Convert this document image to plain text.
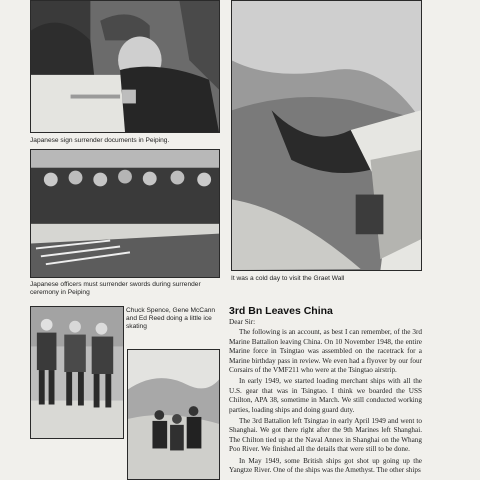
Japanese sign surrender documents in Peiping.
Japanese officers must surrender swords during surrender ceremony in Peiping
It was a cold day to visit the Graet Wall
Chuck Spence, Gene McCann and Ed Reed doing a little ice skating
3rd Bn Leaves China

Dear Sir:

The following is an account, as best I can remember, of the 3rd Marine Battalion leaving China. On 10 November 1948, the entire Marine force in Tsingtao was assembled on the racetrack for a Marine birthday pass in review. We even had a flyover by our four Corsairs of the VMF211 who were at the Tsingtao airstrip.

In early 1949, we started loading merchant ships with all the U.S. gear that was in Tsingtao. I think we boarded the USS Chilton, APA 38, sometime in March. We still conducted working parties, loading ships and doing guard duty.

The 3rd Battalion left Tsingtao in early April 1949 and went to Shanghai. We got there right after the 9th Marines left Shanghai. The Chilton tied up at the Naval Annex in Shanghai on the Whang Poo River. We finished all the details that were still to be done.

In May 1949, some British ships got shot up going up the Yangtze River. One of the ships was the Amethyst. The other ships
